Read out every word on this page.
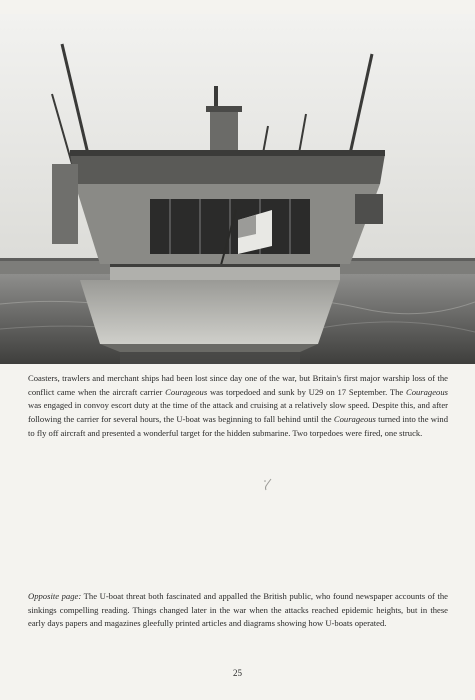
Coasters, trawlers and merchant ships had been lost since day one of the war, but Britain's first major warship loss of the conflict came when the aircraft carrier Courageous was torpedoed and sunk by U29 on 17 September. The Courageous was engaged in convoy escort duty at the time of the attack and cruising at a relatively slow speed. Despite this, and after following the carrier for several hours, the U-boat was beginning to fall behind until the Courageous turned into the wind to fly off aircraft and presented a wonderful target for the hidden submarine. Two torpedoes were fired, one struck.

Opposite page: The U-boat threat both fascinated and appalled the British public, who found newspaper accounts of the sinkings compelling reading. Things changed later in the war when the attacks reached epidemic heights, but in these early days papers and magazines gleefully printed articles and diagrams showing how U-boats operated.

25
